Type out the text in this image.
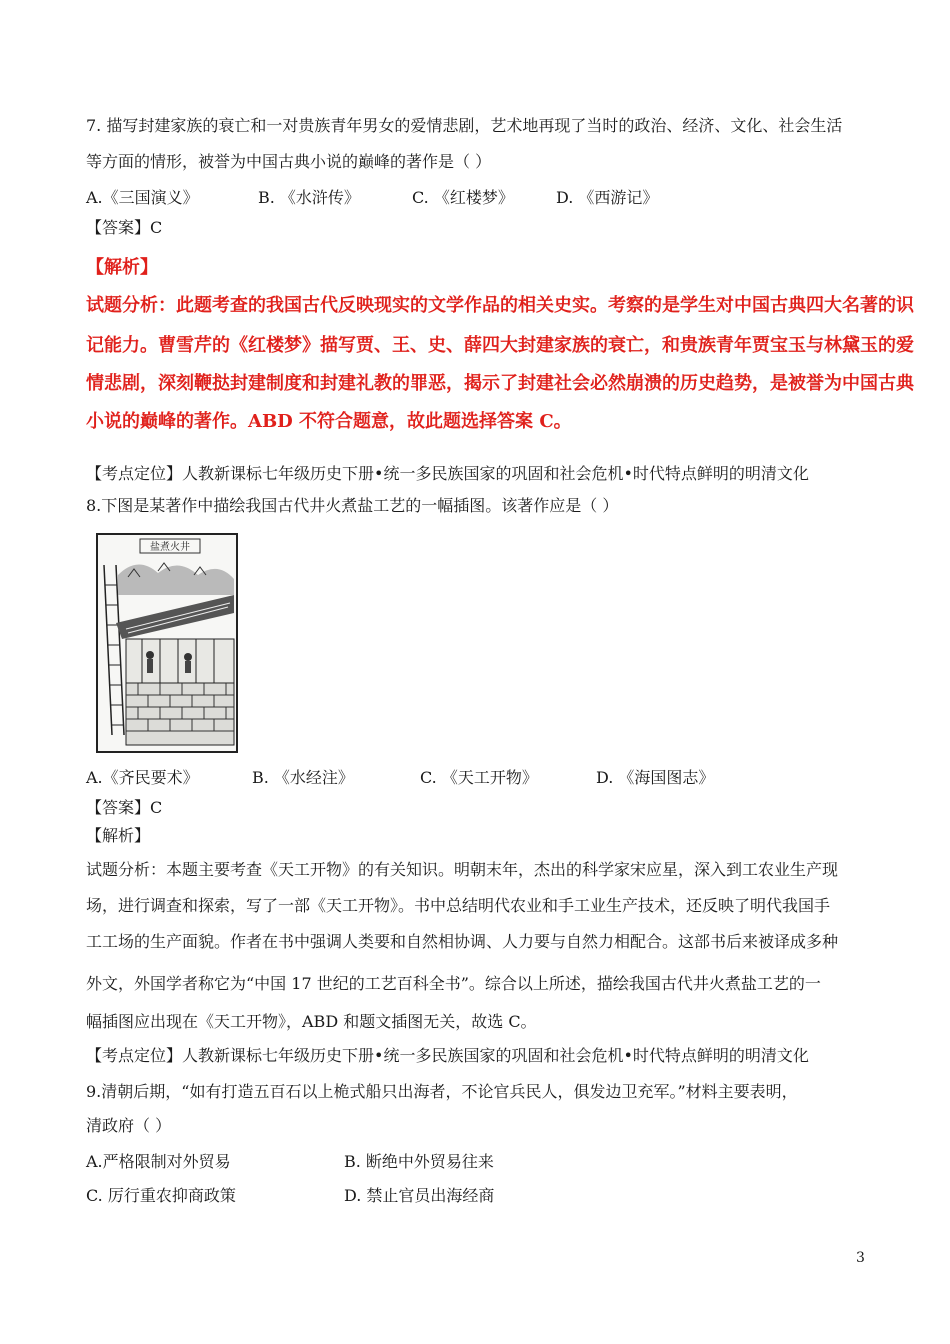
7. 描写封建家族的衰亡和一对贵族青年男女的爱情悲剧，艺术地再现了当时的政治、经济、文化、社会生活
等方面的情形，被誉为中国古典小说的巅峰的著作是（ ）
A.《三国演义》	B. 《水浒传》	C. 《红楼梦》	D. 《西游记》
【答案】C
【解析】
试题分析：此题考查的我国古代反映现实的文学作品的相关史实。考察的是学生对中国古典四大名著的识
记能力。曹雪芹的《红楼梦》描写贾、王、史、薛四大封建家族的衰亡，和贵族青年贾宝玉与林黛玉的爱
情悲剧，深刻鞭挞封建制度和封建礼教的罪恶，揭示了封建社会必然崩溃的历史趋势，是被誉为中国古典
小说的巅峰的著作。ABD 不符合题意，故此题选择答案 C。
【考点定位】人教新课标七年级历史下册•统一多民族国家的巩固和社会危机•时代特点鲜明的明清文化
8.下图是某著作中描绘我国古代井火煮盐工艺的一幅插图。该著作应是（ ）
盐煮火井
A.《齐民要术》	B. 《水经注》	C. 《天工开物》	D. 《海国图志》
【答案】C
【解析】
试题分析：本题主要考查《天工开物》的有关知识。明朝末年，杰出的科学家宋应星，深入到工农业生产现
场，进行调查和探索，写了一部《天工开物》。书中总结明代农业和手工业生产技术，还反映了明代我国手
工工场的生产面貌。作者在书中强调人类要和自然相协调、人力要与自然力相配合。这部书后来被译成多种
外文，外国学者称它为“中国 17 世纪的工艺百科全书”。综合以上所述，描绘我国古代井火煮盐工艺的一
幅插图应出现在《天工开物》，ABD 和题文插图无关，故选 C。
【考点定位】人教新课标七年级历史下册•统一多民族国家的巩固和社会危机•时代特点鲜明的明清文化
9.清朝后期，“如有打造五百石以上桅式船只出海者，不论官兵民人，俱发边卫充军。”材料主要表明，
清政府（ ）
A.严格限制对外贸易	B. 断绝中外贸易往来
C. 厉行重农抑商政策	D. 禁止官员出海经商
3
